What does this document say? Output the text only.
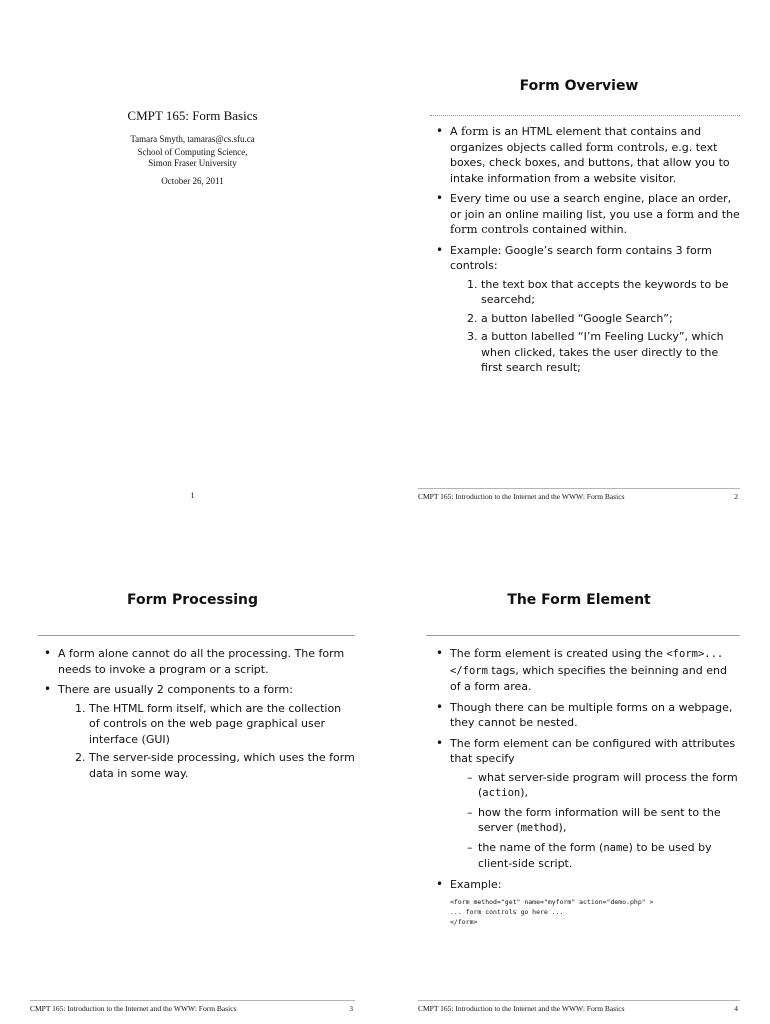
CMPT 165: Form Basics
Tamara Smyth, tamaras@cs.sfu.ca
School of Computing Science,
Simon Fraser University
October 26, 2011
1
Form Overview
• A form is an HTML element that contains and organizes objects called form controls, e.g. text boxes, check boxes, and buttons, that allow you to intake information from a website visitor.
• Every time ou use a search engine, place an order, or join an online mailing list, you use a form and the form controls contained within.
• Example: Google’s search form contains 3 form controls:
1. the text box that accepts the keywords to be searcehd;
2. a button labelled “Google Search”;
3. a button labelled “I’m Feeling Lucky”, which when clicked, takes the user directly to the first search result;
CMPT 165: Introduction to the Internet and the WWW: Form Basics	2
Form Processing
• A form alone cannot do all the processing. The form needs to invoke a program or a script.
• There are usually 2 components to a form:
1. The HTML form itself, which are the collection of controls on the web page graphical user interface (GUI)
2. The server-side processing, which uses the form data in some way.
CMPT 165: Introduction to the Internet and the WWW: Form Basics	3
The Form Element
• The form element is created using the <form>...</form tags, which specifies the beinning and end of a form area.
• Though there can be multiple forms on a webpage, they cannot be nested.
• The form element can be configured with attributes that specify
– what server-side program will process the form (action),
– how the form information will be sent to the server (method),
– the name of the form (name) to be used by client-side script.
• Example:
<form method="get" name="myform" action="demo.php" >
... form controls go here ...
</form>
CMPT 165: Introduction to the Internet and the WWW: Form Basics	4
